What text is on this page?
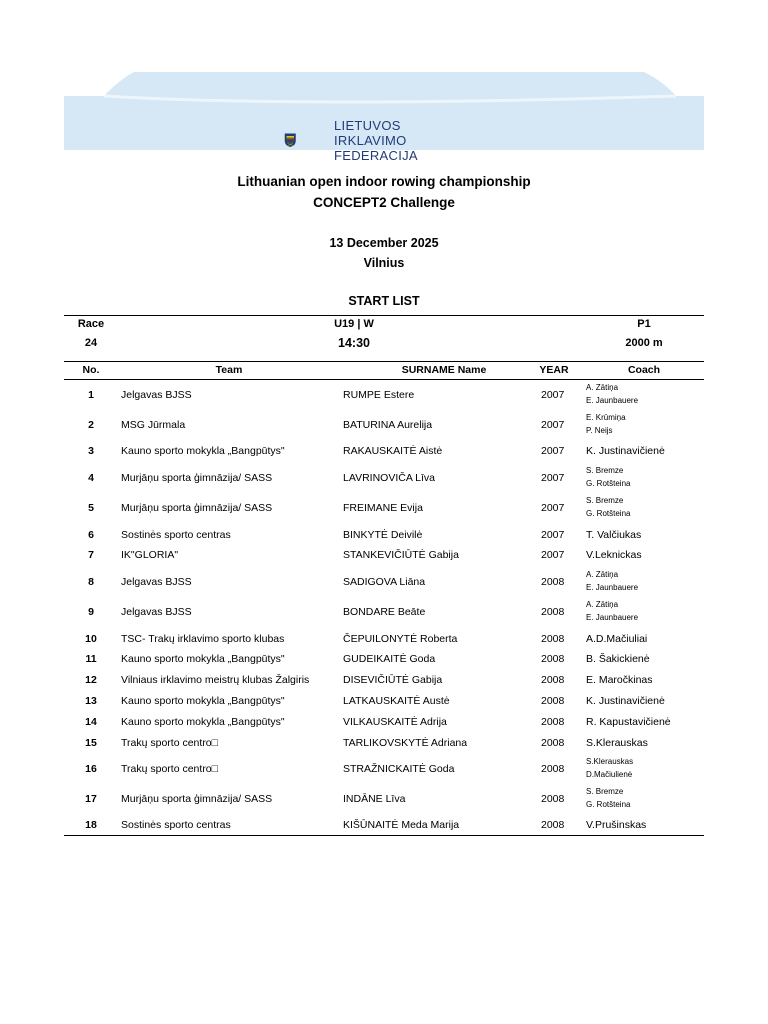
LIETUVOS
IRKLAVIMO
FEDERACIJA
Lithuanian open indoor rowing championship
CONCEPT2 Challenge
13 December 2025
Vilnius
START LIST
Race
24
U19 | W
14:30
P1
2000 m
No.	Team	SURNAME Name	YEAR	Coach
1	Jelgavas BJSS	RUMPE Estere	2007
A. Zātiņa
E. Jaunbauere
2	MSG Jūrmala	BATURINA Aurelija	2007
E. Krūmiņa
P. Neijs
3	Kauno sporto mokykla „Bangpūtys"	RAKAUSKAITĖ Aistė	2007 K. Justinavičienė
4	Murjāņu sporta ģimnāzija/ SASS	LAVRINOVIČA Līva	2007
S. Bremze
G. Rotšteina
5	Murjāņu sporta ģimnāzija/ SASS	FREIMANE Evija	2007
S. Bremze
G. Rotšteina
6	Sostinės sporto centras	BINKYTĖ Deivilė	2007 T. Valčiukas
7	IK"GLORIA"	STANKEVIČIŪTĖ Gabija	2007 V.Leknickas
8	Jelgavas BJSS	SADIGOVA Liāna	2008
A. Zātiņa
E. Jaunbauere
9	Jelgavas BJSS	BONDARE Beāte	2008
A. Zātiņa
E. Jaunbauere
10	TSC- Trakų irklavimo sporto klubas	ČEPUILONYTĖ Roberta	2008 A.D.Mačiuliai
11	Kauno sporto mokykla „Bangpūtys"	GUDEIKAITĖ Goda	2008 B. Šakickienė
12	Vilniaus irklavimo meistrų klubas Žalgiris	DISEVIČIŪTĖ Gabija	2008 E. Maročkinas
13	Kauno sporto mokykla „Bangpūtys"	LATKAUSKAITĖ Austė	2008 K. Justinavičienė
14	Kauno sporto mokykla „Bangpūtys"	VILKAUSKAITĖ Adrija	2008 R. Kapustavičienė
15	Trakų sporto centro□	TARLIKOVSKYTĖ Adriana	2008 S.Klerauskas
16	Trakų sporto centro□	STRAŽNICKAITĖ Goda	2008
S.Klerauskas
D.Mačiulienė
17	Murjāņu sporta ģimnāzija/ SASS	INDĀNE Līva	2008
S. Bremze
G. Rotšteina
18	Sostinės sporto centras	KIŠŪNAITĖ Meda Marija	2008 V.Prušinskas
